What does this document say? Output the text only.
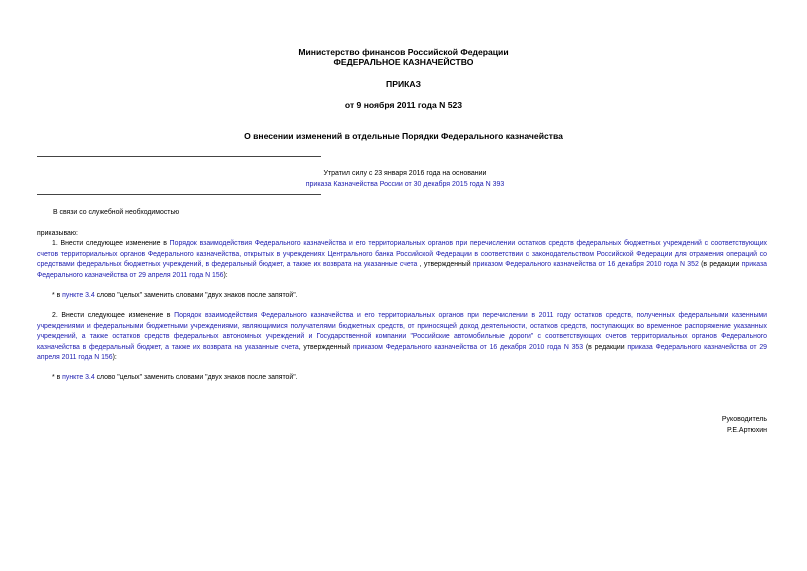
Министерство финансов Российской Федерации
ФЕДЕРАЛЬНОЕ КАЗНАЧЕЙСТВО
ПРИКАЗ
от 9 ноября 2011 года N 523
О внесении изменений в отдельные Порядки Федерального казначейства
Утратил силу с 23 января 2016 года на основании
приказа Казначейства России от 30 декабря 2015 года N 393
В связи со служебной необходимостью
приказываю:
1. Внести следующее изменение в Порядок взаимодействия Федерального казначейства и его территориальных органов при перечислении остатков средств федеральных бюджетных учреждений с соответствующих счетов территориальных органов Федерального казначейства, открытых в учреждениях Центрального банка Российской Федерации в соответствии с законодательством Российской Федерации для отражения операций со средствами федеральных бюджетных учреждений, в федеральный бюджет, а также их возврата на указанные счета , утвержденный приказом Федерального казначейства от 16 декабря 2010 года N 352 (в редакции приказа Федерального казначейства от 29 апреля 2011 года N 156):
* в пункте 3.4 слово "целых" заменить словами "двух знаков после запятой".
2. Внести следующее изменение в Порядок взаимодействия Федерального казначейства и его территориальных органов при перечислении в 2011 году остатков средств, полученных федеральными казенными учреждениями и федеральными бюджетными учреждениями, являющимися получателями бюджетных средств, от приносящей доход деятельности, остатков средств, поступающих во временное распоряжение указанных учреждений, а также остатков средств федеральных автономных учреждений и Государственной компании "Российские автомобильные дороги" с соответствующих счетов территориальных органов Федерального казначейства в федеральный бюджет, а также их возврата на указанные счета, утвержденный приказом Федерального казначейства от 16 декабря 2010 года N 353 (в редакции приказа Федерального казначейства от 29 апреля 2011 года N 156):
* в пункте 3.4 слово "целых" заменить словами "двух знаков после запятой".
Руководитель
Р.Е.Артюхин
